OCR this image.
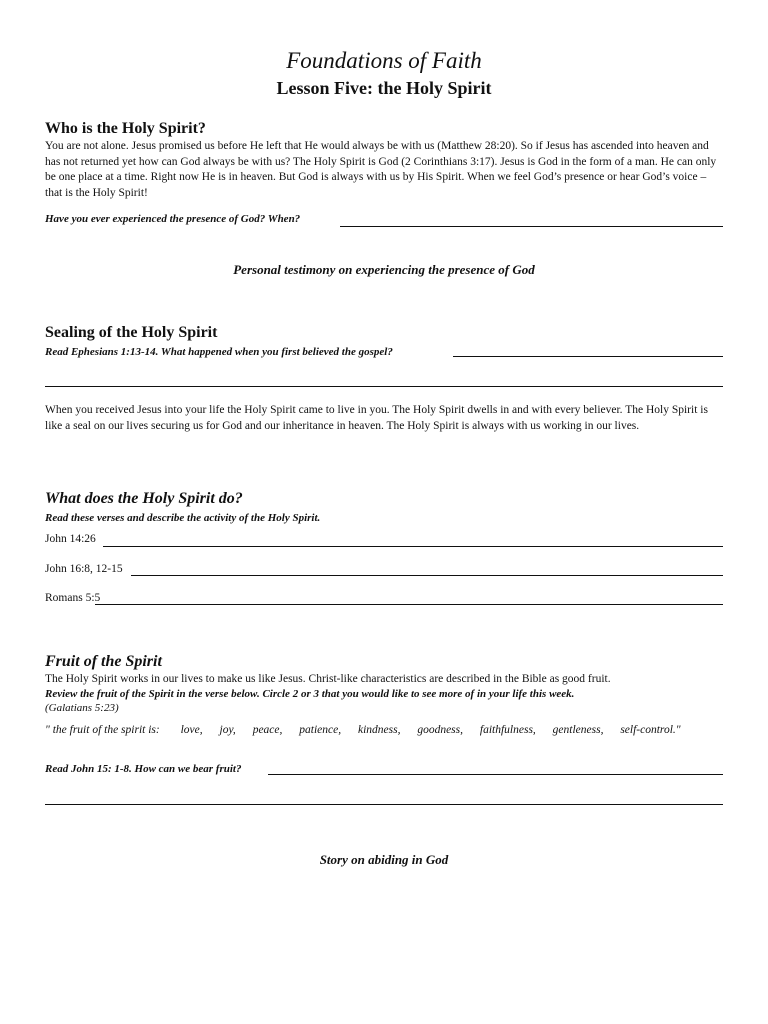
Foundations of Faith
Lesson Five: the Holy Spirit
Who is the Holy Spirit?
You are not alone. Jesus promised us before He left that He would always be with us (Matthew 28:20). So if Jesus has ascended into heaven and has not returned yet how can God always be with us? The Holy Spirit is God (2 Corinthians 3:17). Jesus is God in the form of a man. He can only be one place at a time. Right now He is in heaven. But God is always with us by His Spirit. When we feel God’s presence or hear God’s voice – that is the Holy Spirit!
Have you ever experienced the presence of God? When?
Personal testimony on experiencing the presence of God
Sealing of the Holy Spirit
Read Ephesians 1:13-14. What happened when you first believed the gospel?
When you received Jesus into your life the Holy Spirit came to live in you. The Holy Spirit dwells in and with every believer. The Holy Spirit is like a seal on our lives securing us for God and our inheritance in heaven. The Holy Spirit is always with us working in our lives.
What does the Holy Spirit do?
Read these verses and describe the activity of the Holy Spirit.
John 14:26
John 16:8, 12-15
Romans 5:5
Fruit of the Spirit
The Holy Spirit works in our lives to make us like Jesus. Christ-like characteristics are described in the Bible as good fruit.
Review the fruit of the Spirit in the verse below. Circle 2 or 3 that you would like to see more of in your life this week.
(Galatians 5:23)
" the fruit of the spirit is: love, joy, peace, patience, kindness, goodness, faithfulness, gentleness, self-control."
Read John 15: 1-8. How can we bear fruit?
Story on abiding in God
